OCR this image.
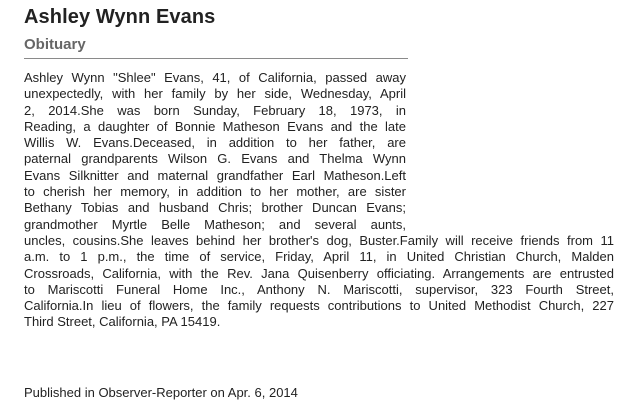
Ashley Wynn Evans
Obituary
Ashley Wynn "Shlee" Evans, 41, of California, passed away
unexpectedly, with her family by her side, Wednesday, April
2, 2014.She was born Sunday, February 18, 1973, in
Reading, a daughter of Bonnie Matheson Evans and the late
Willis W. Evans.Deceased, in addition to her father, are
paternal grandparents Wilson G. Evans and Thelma Wynn
Evans Silknitter and maternal grandfather Earl Matheson.Left
to cherish her memory, in addition to her mother, are sister
Bethany Tobias and husband Chris; brother Duncan Evans;
grandmother Myrtle Belle Matheson; and several aunts,
uncles, cousins.She leaves behind her brother's dog, Buster.Family will receive friends from 11
a.m. to 1 p.m., the time of service, Friday, April 11, in United Christian Church, Malden
Crossroads, California, with the Rev. Jana Quisenberry officiating. Arrangements are entrusted
to Mariscotti Funeral Home Inc., Anthony N. Mariscotti, supervisor, 323 Fourth Street,
California.In lieu of flowers, the family requests contributions to United Methodist Church, 227
Third Street, California, PA 15419.
Published in Observer-Reporter on Apr. 6, 2014
